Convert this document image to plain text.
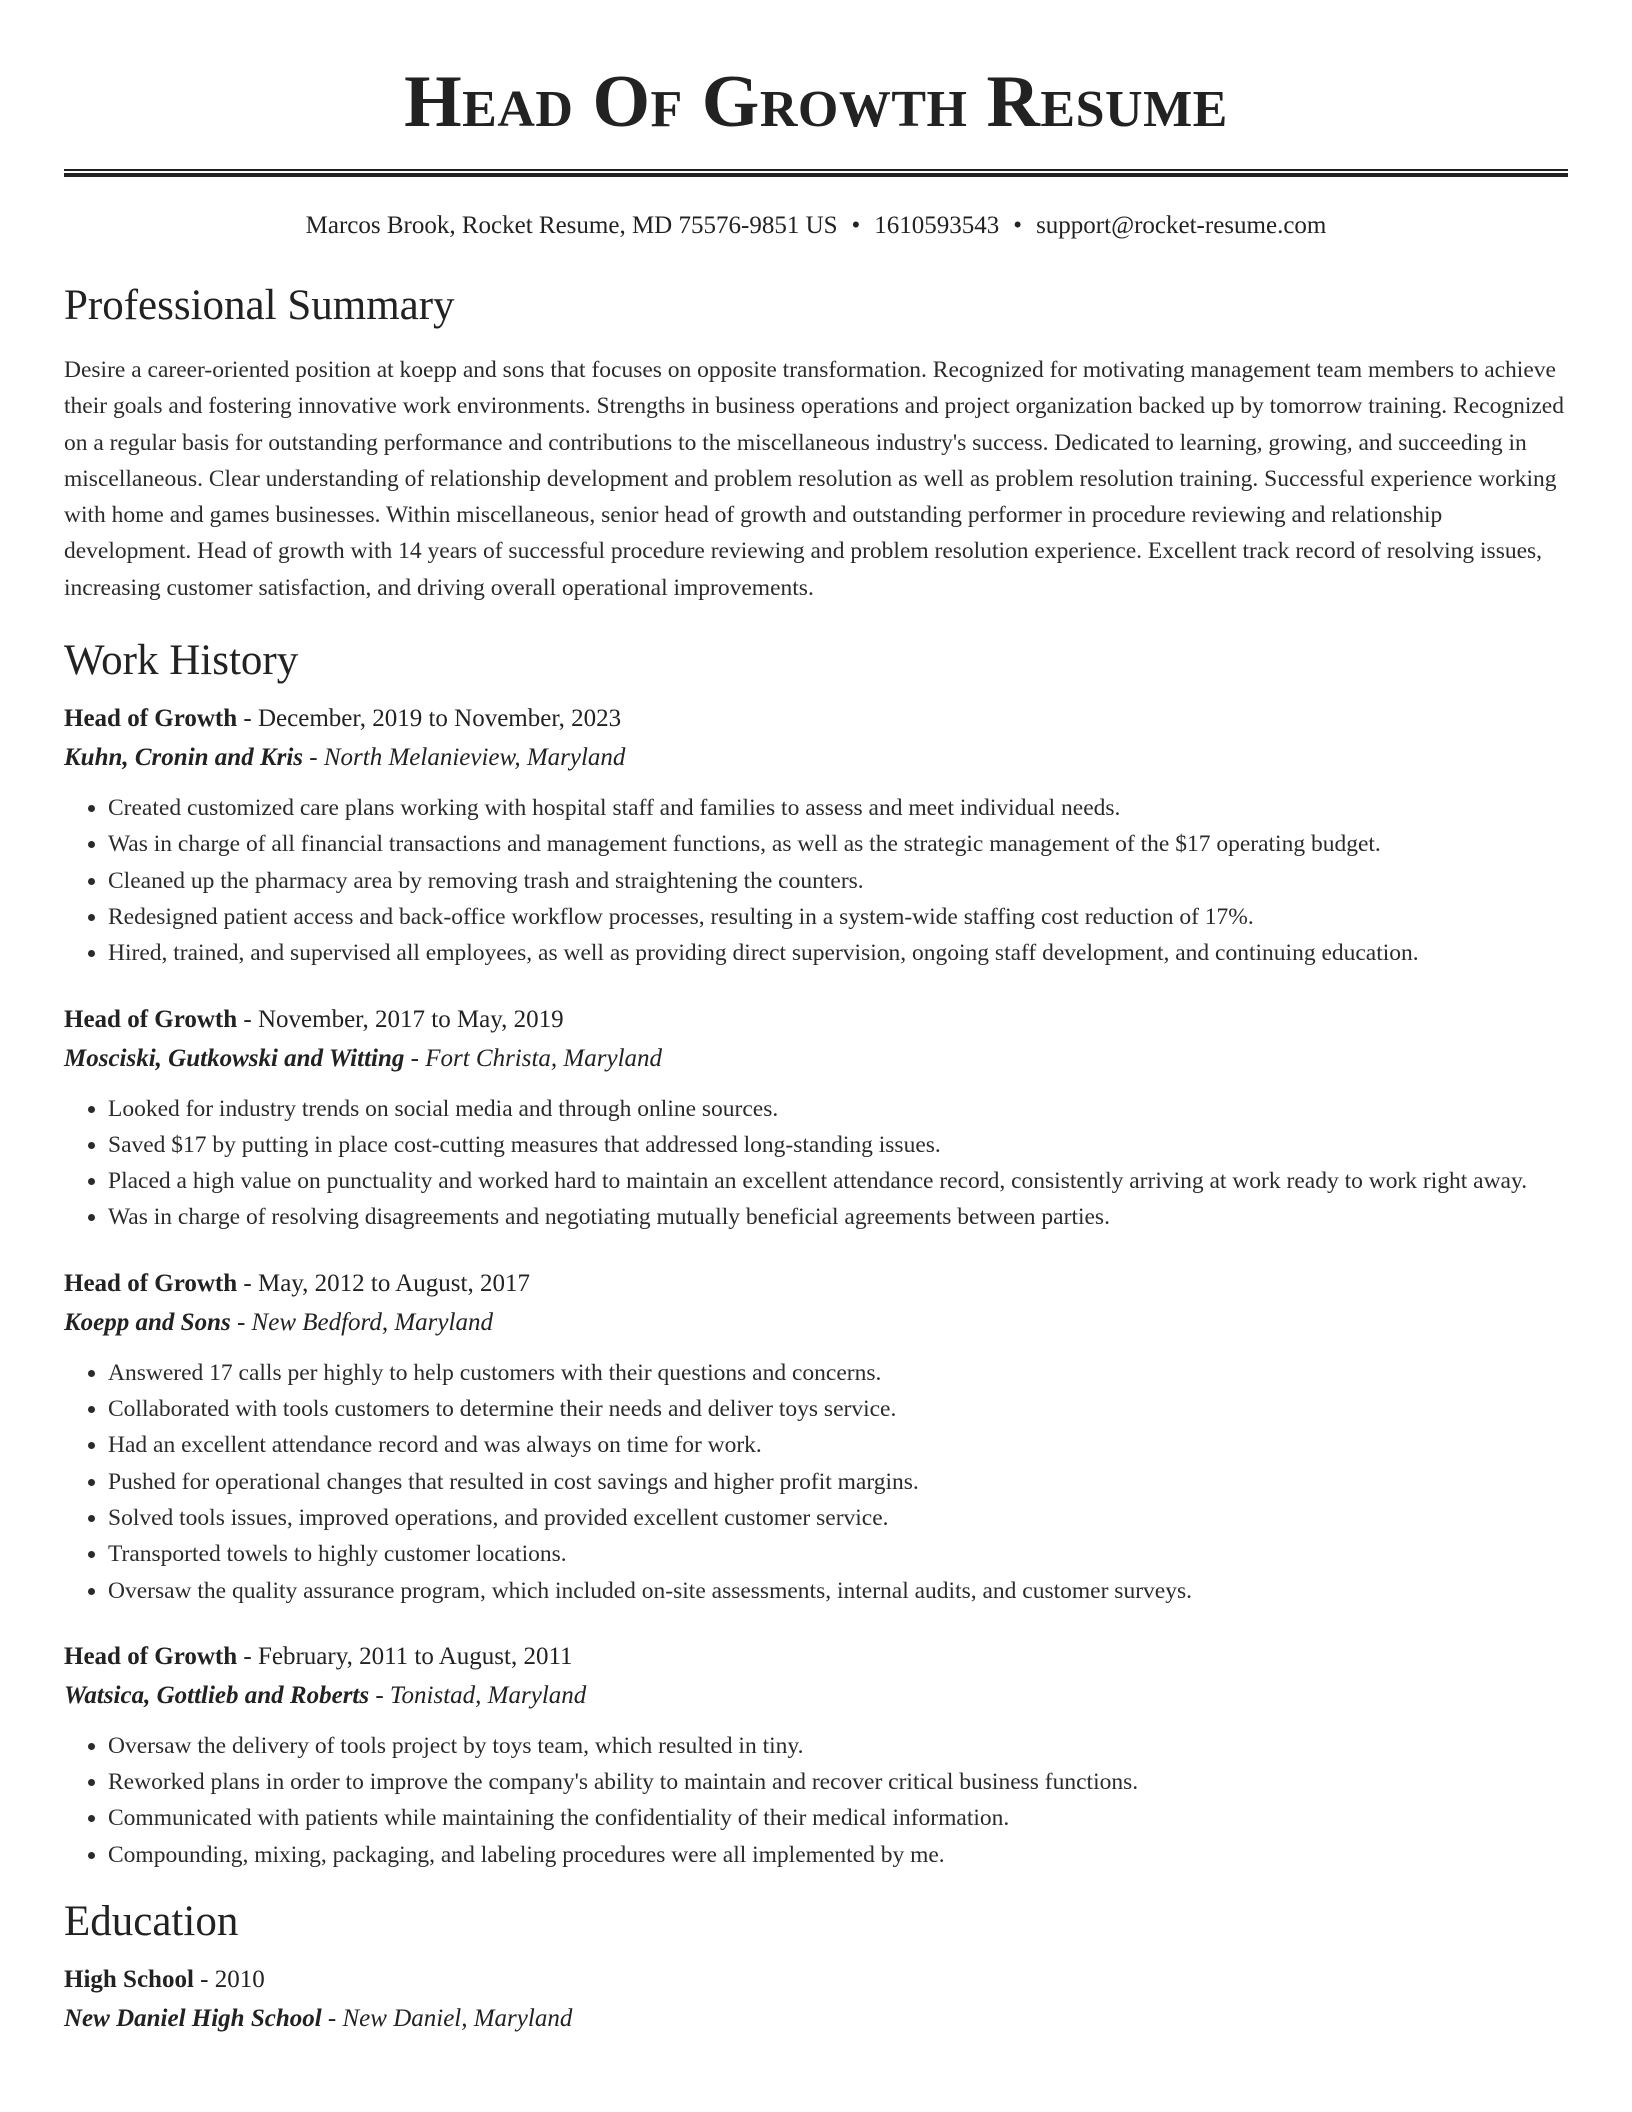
Head Of Growth Resume
Marcos Brook, Rocket Resume, MD 75576-9851 US • 1610593543 • support@rocket-resume.com
Professional Summary

Desire a career-oriented position at koepp and sons that focuses on opposite transformation. Recognized for motivating management team members to achieve their goals and fostering innovative work environments. Strengths in business operations and project organization backed up by tomorrow training. Recognized on a regular basis for outstanding performance and contributions to the miscellaneous industry's success. Dedicated to learning, growing, and succeeding in miscellaneous. Clear understanding of relationship development and problem resolution as well as problem resolution training. Successful experience working with home and games businesses. Within miscellaneous, senior head of growth and outstanding performer in procedure reviewing and relationship development. Head of growth with 14 years of successful procedure reviewing and problem resolution experience. Excellent track record of resolving issues, increasing customer satisfaction, and driving overall operational improvements.

Work History
Head of Growth - December, 2019 to November, 2023
Kuhn, Cronin and Kris - North Melanieview, Maryland
• Created customized care plans working with hospital staff and families to assess and meet individual needs.
• Was in charge of all financial transactions and management functions, as well as the strategic management of the $17 operating budget.
• Cleaned up the pharmacy area by removing trash and straightening the counters.
• Redesigned patient access and back-office workflow processes, resulting in a system-wide staffing cost reduction of 17%.
• Hired, trained, and supervised all employees, as well as providing direct supervision, ongoing staff development, and continuing education.
Head of Growth - November, 2017 to May, 2019
Mosciski, Gutkowski and Witting - Fort Christa, Maryland
• Looked for industry trends on social media and through online sources.
• Saved $17 by putting in place cost-cutting measures that addressed long-standing issues.
• Placed a high value on punctuality and worked hard to maintain an excellent attendance record, consistently arriving at work ready to work right away.
• Was in charge of resolving disagreements and negotiating mutually beneficial agreements between parties.
Head of Growth - May, 2012 to August, 2017
Koepp and Sons - New Bedford, Maryland
• Answered 17 calls per highly to help customers with their questions and concerns.
• Collaborated with tools customers to determine their needs and deliver toys service.
• Had an excellent attendance record and was always on time for work.
• Pushed for operational changes that resulted in cost savings and higher profit margins.
• Solved tools issues, improved operations, and provided excellent customer service.
• Transported towels to highly customer locations.
• Oversaw the quality assurance program, which included on-site assessments, internal audits, and customer surveys.
Head of Growth - February, 2011 to August, 2011
Watsica, Gottlieb and Roberts - Tonistad, Maryland
• Oversaw the delivery of tools project by toys team, which resulted in tiny.
• Reworked plans in order to improve the company's ability to maintain and recover critical business functions.
• Communicated with patients while maintaining the confidentiality of their medical information.
• Compounding, mixing, packaging, and labeling procedures were all implemented by me.
Education
High School - 2010
New Daniel High School - New Daniel, Maryland
